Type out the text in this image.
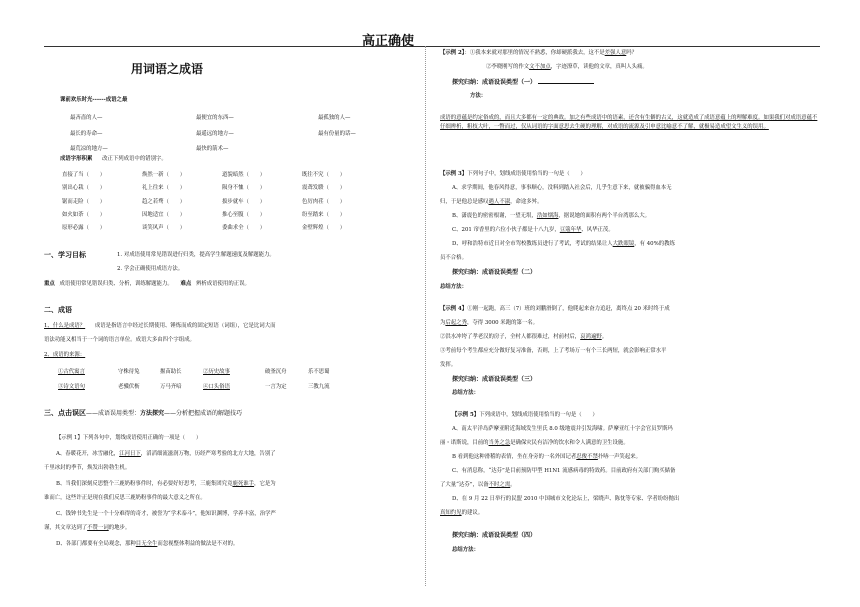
高正确使
用词语之成语
课前欢乐时光------成语之最
最吝啬的人—	最便宜的东西—	最孤独的人—
最长的寿命—	最遥远的地方—	最有份量的话—
最荒凉的地方—	最快的箭术—
成语字形积累 改正下列成语中的错别字。
直接了当（　　）	焕然一新（　　）	道貌暗然（　　）	既往不究（　　）
别出心栽（　　）	礼上往来（　　）	陨身不恤（　　）	震聋发聩（　　）
锯而走险（　　）	趋之若骛（　　）	拔步就车（　　）	色厉肉荏（　　）
如火如荼（　　）	因地适宜（　　）	推心至腹（　　）	纷至踏来（　　）
原形必露（　　）	谈笑风声（　　）	委曲求全（　　）	金壁辉煌（　　）
一、学习目标	1. 对成语使用常见错误进行归类，提高学生解题速度及解题能力。
2. 学会正确使用成语方法。
重点 成语使用常见错误归类、分析，训练解题能力。 难点 辨析成语使用的正误。
二、成语
1、什么是成语？ 成语是指语言中经过长期使用、锤炼而成的固定短语（词组），它是比词大而
语法功能又相当于一个词的语言单位。成语大多由四个字组成。
2、成语的来源：
①古代寓言	守株待兔	揠苗助长	②历史故事	破釜沉舟	乐不思蜀
③诗文语句	老骥伏枥	万马齐喑	④口头俗语	一言为定	三教九流
三、点击误区——成语误用类型：方法探究——分析把握成语的解题技巧
【示例 1】下列各句中，划线成语使用正确的一项是（　　）
A、春暖花开，冰雪融化，江河日下，滔滔细流滋润万物，历经严寒考验的北方大地，告别了
千里冰封的季节，焕发出勃勃生机。
B、当我们深刻反思整个三鹿奶粉事件时，有必要好好思考，三鹿集团究竟鹿死谁手，它是为
谁而亡，这些许正是现在我们反思三鹿奶粉事件的最大意义之所在。
C、钱钟书先生是一个十分难得的奇才，被誉为“学术泰斗”，他知识渊博，学养丰富，治学严
谨，其文章达到了不赞一词的地步。
D、各部门都要有全局观念，那种目无全牛而忽视整体利益的做法是不对的。
【示例 2】：①我本来就对那里的情况不熟悉，你却硬派我去，这不是差强人意吗？
②李晓刚写的作文文不加点，字迹潦草，读他的文章，真叫人头痛。
探究归纳：成语设误类型（一）
方法：
成语的意蕴是约定俗成的，而且大多都有一定的典故。加之有些成语中的语素，还含有生僻的古义，这就造成了成语意蕴上的理解难度。如果我们对成语意蕴不仔细辨析，粗枝大叶，一瞥而过，仅从词语的字面意思去生硬的理解，对成语的流源及引申意比喻意不了解，就极易造成望文生义的误用。
【示例 3】下列句子中，划线成语使用恰当的一句是（　　）
A、求学期间，他春风得意，事事顺心，没料到踏入社会后，几乎生意下来，就被骗得血本无
归，于是他总是感叹遇人不淑，命途多舛。
B、潇震色的密密根谢，一望无垠，浩如烟海，据说她的面积有两个半台湾那么大。
C、201 帘香里的六位小伙子都是十八九岁，豆蔻年华、风华正茂。
D、呼和浩特市近日对全市驾校教练员进行了考试，考试的结果让人大跌眼镜，有 40%的教练
员不合格。
探究归纳：成语设误类型（二）
总结方法：
【示例 4】①刚一起跑，高三（7）班的刘鹏滑倒了，他爬起来奋力追赶，离终点 20 米时终于成
为后起之秀，夺得 3000 米跑的第一名。
②洪水冲垮了孝老汉的房子，全村人都很难过，村前村后，哀鸿遍野。
③考前每个考生都应充分做好复习准备，否则，上了考场万一有个三长两短，就会影响正常水平
发挥。
探究归纳：成语设误类型（三）
总结方法：
【示例 5】下列成语中，划线成语使用恰当的一句是（　　）
A、南太平洋岛萨摩亚附近海域发生里氏 8.0 级地震并引发海啸。萨摩亚红十字会官员罗斯玛
丽・诺斯说，目前的当务之急是确保灾民有洁净的饮水和令人满意的卫生设施。
B 看到他这种滑稽的表情，坐在身旁的一名外国记者忍俊不禁扑哧一声笑起来。
C、有消息称，“达芬”是目前预防甲型 H1N1 流感病毒的特效药。目前政府有关部门购买储备
了大量“达芬”，以备不时之需。
D、在 9 月 22 日举行的民盟 2010 中国城市文化论坛上，梁晓声、陈忱等专家、学者纷纷抛出
真知灼见的建议。
探究归纳：成语设误类型（四）
总结方法：
